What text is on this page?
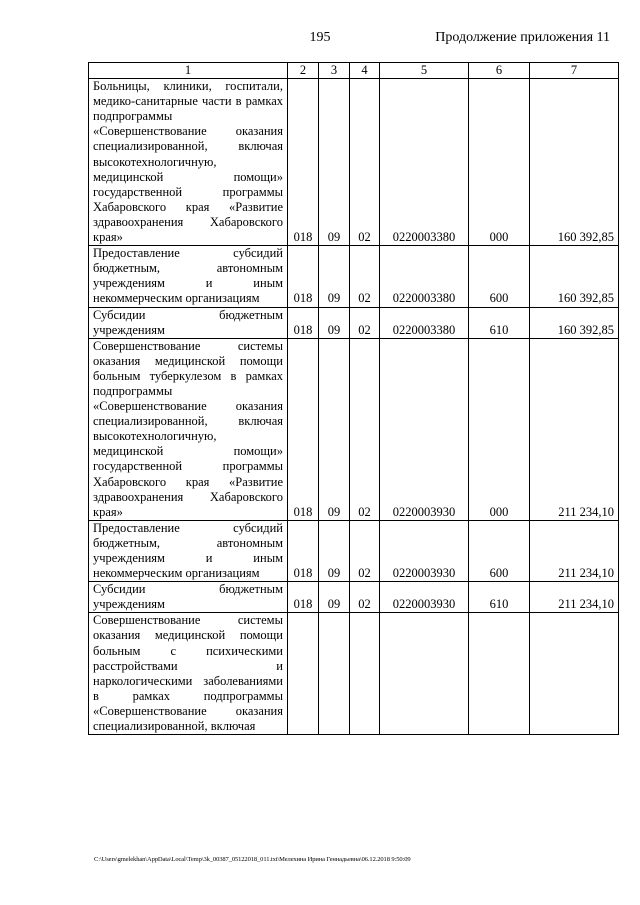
195	Продолжение приложения 11
1	2	3	4	5	6	7
Больницы, клиники, госпитали, медико-санитарные части в рамках подпрограммы «Совершенствование оказания специализированной, включая высокотехнологичную, медицинской помощи» государственной программы Хабаровского края «Развитие здравоохранения Хабаровского края»	018	09	02	0220003380	000	160 392,85
Предоставление субсидий бюджетным, автономным учреждениям и иным некоммерческим организациям	018	09	02	0220003380	600	160 392,85
Субсидии бюджетным учреждениям	018	09	02	0220003380	610	160 392,85
Совершенствование системы оказания медицинской помощи больным туберкулезом в рамках подпрограммы «Совершенствование оказания специализированной, включая высокотехнологичную, медицинской помощи» государственной программы Хабаровского края «Развитие здравоохранения Хабаровского края»	018	09	02	0220003930	000	211 234,10
Предоставление субсидий бюджетным, автономным учреждениям и иным некоммерческим организациям	018	09	02	0220003930	600	211 234,10
Субсидии бюджетным учреждениям	018	09	02	0220003930	610	211 234,10
Совершенствование системы оказания медицинской помощи больным с психическими расстройствами и наркологическими заболеваниями в рамках подпрограммы «Совершенствование оказания специализированной, включая						
C:\Users\gmelekhan\AppData\Local\Temp\3k_00387_05122018_011.txt\Мелехина Ирина Геннадьевна\06.12.2018 9:50:09
